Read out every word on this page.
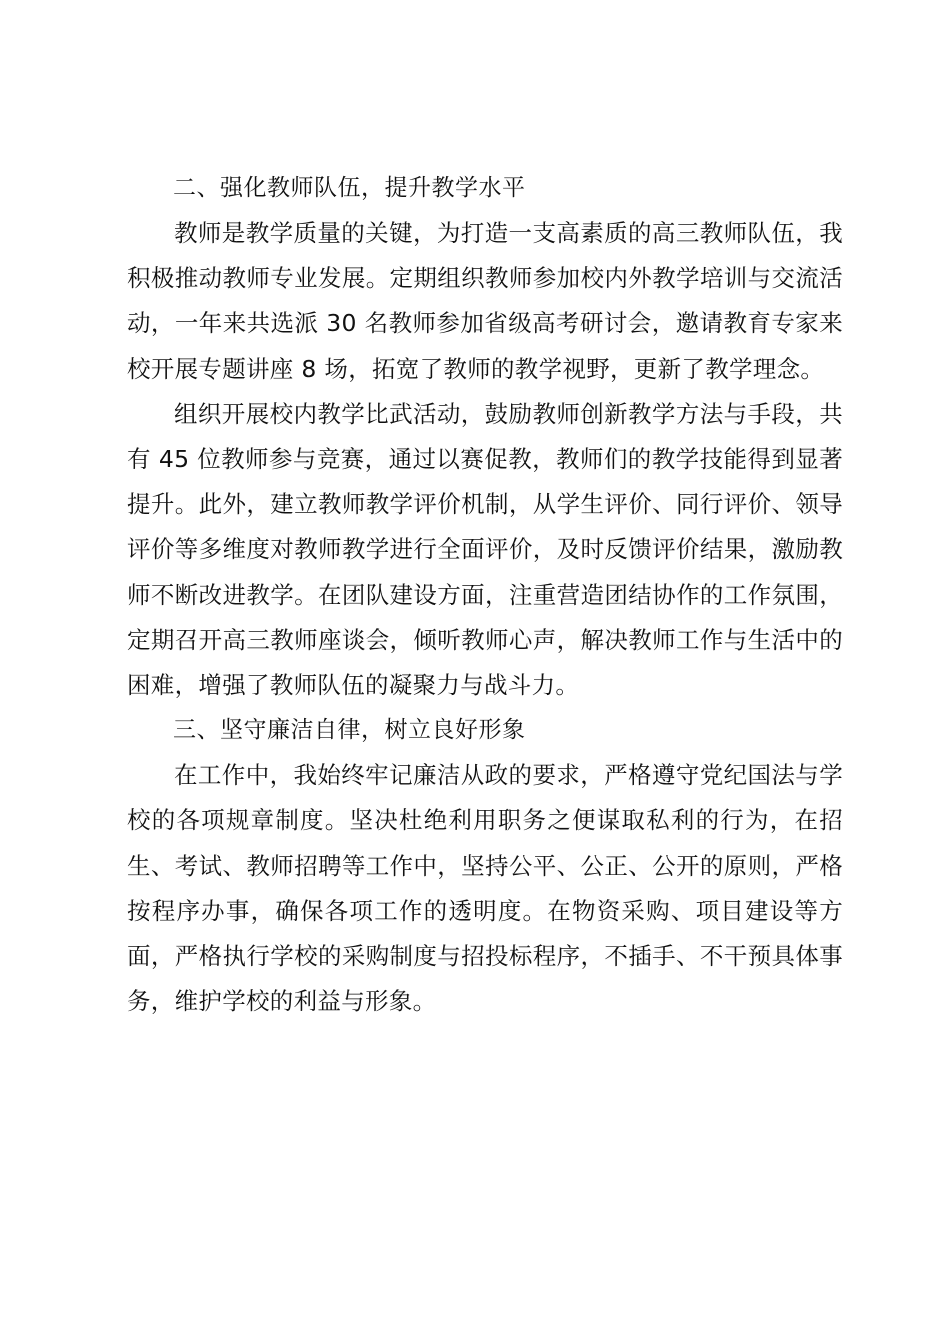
二、强化教师队伍，提升教学水平

教师是教学质量的关键，为打造一支高素质的高三教师队伍，我积极推动教师专业发展。定期组织教师参加校内外教学培训与交流活动，一年来共选派 30 名教师参加省级高考研讨会，邀请教育专家来校开展专题讲座 8 场，拓宽了教师的教学视野，更新了教学理念。

组织开展校内教学比武活动，鼓励教师创新教学方法与手段，共有 45 位教师参与竞赛，通过以赛促教，教师们的教学技能得到显著提升。此外，建立教师教学评价机制，从学生评价、同行评价、领导评价等多维度对教师教学进行全面评价，及时反馈评价结果，激励教师不断改进教学。在团队建设方面，注重营造团结协作的工作氛围，定期召开高三教师座谈会，倾听教师心声，解决教师工作与生活中的困难，增强了教师队伍的凝聚力与战斗力。

三、坚守廉洁自律，树立良好形象

在工作中，我始终牢记廉洁从政的要求，严格遵守党纪国法与学校的各项规章制度。坚决杜绝利用职务之便谋取私利的行为，在招生、考试、教师招聘等工作中，坚持公平、公正、公开的原则，严格按程序办事，确保各项工作的透明度。在物资采购、项目建设等方面，严格执行学校的采购制度与招投标程序，不插手、不干预具体事务，维护学校的利益与形象。
